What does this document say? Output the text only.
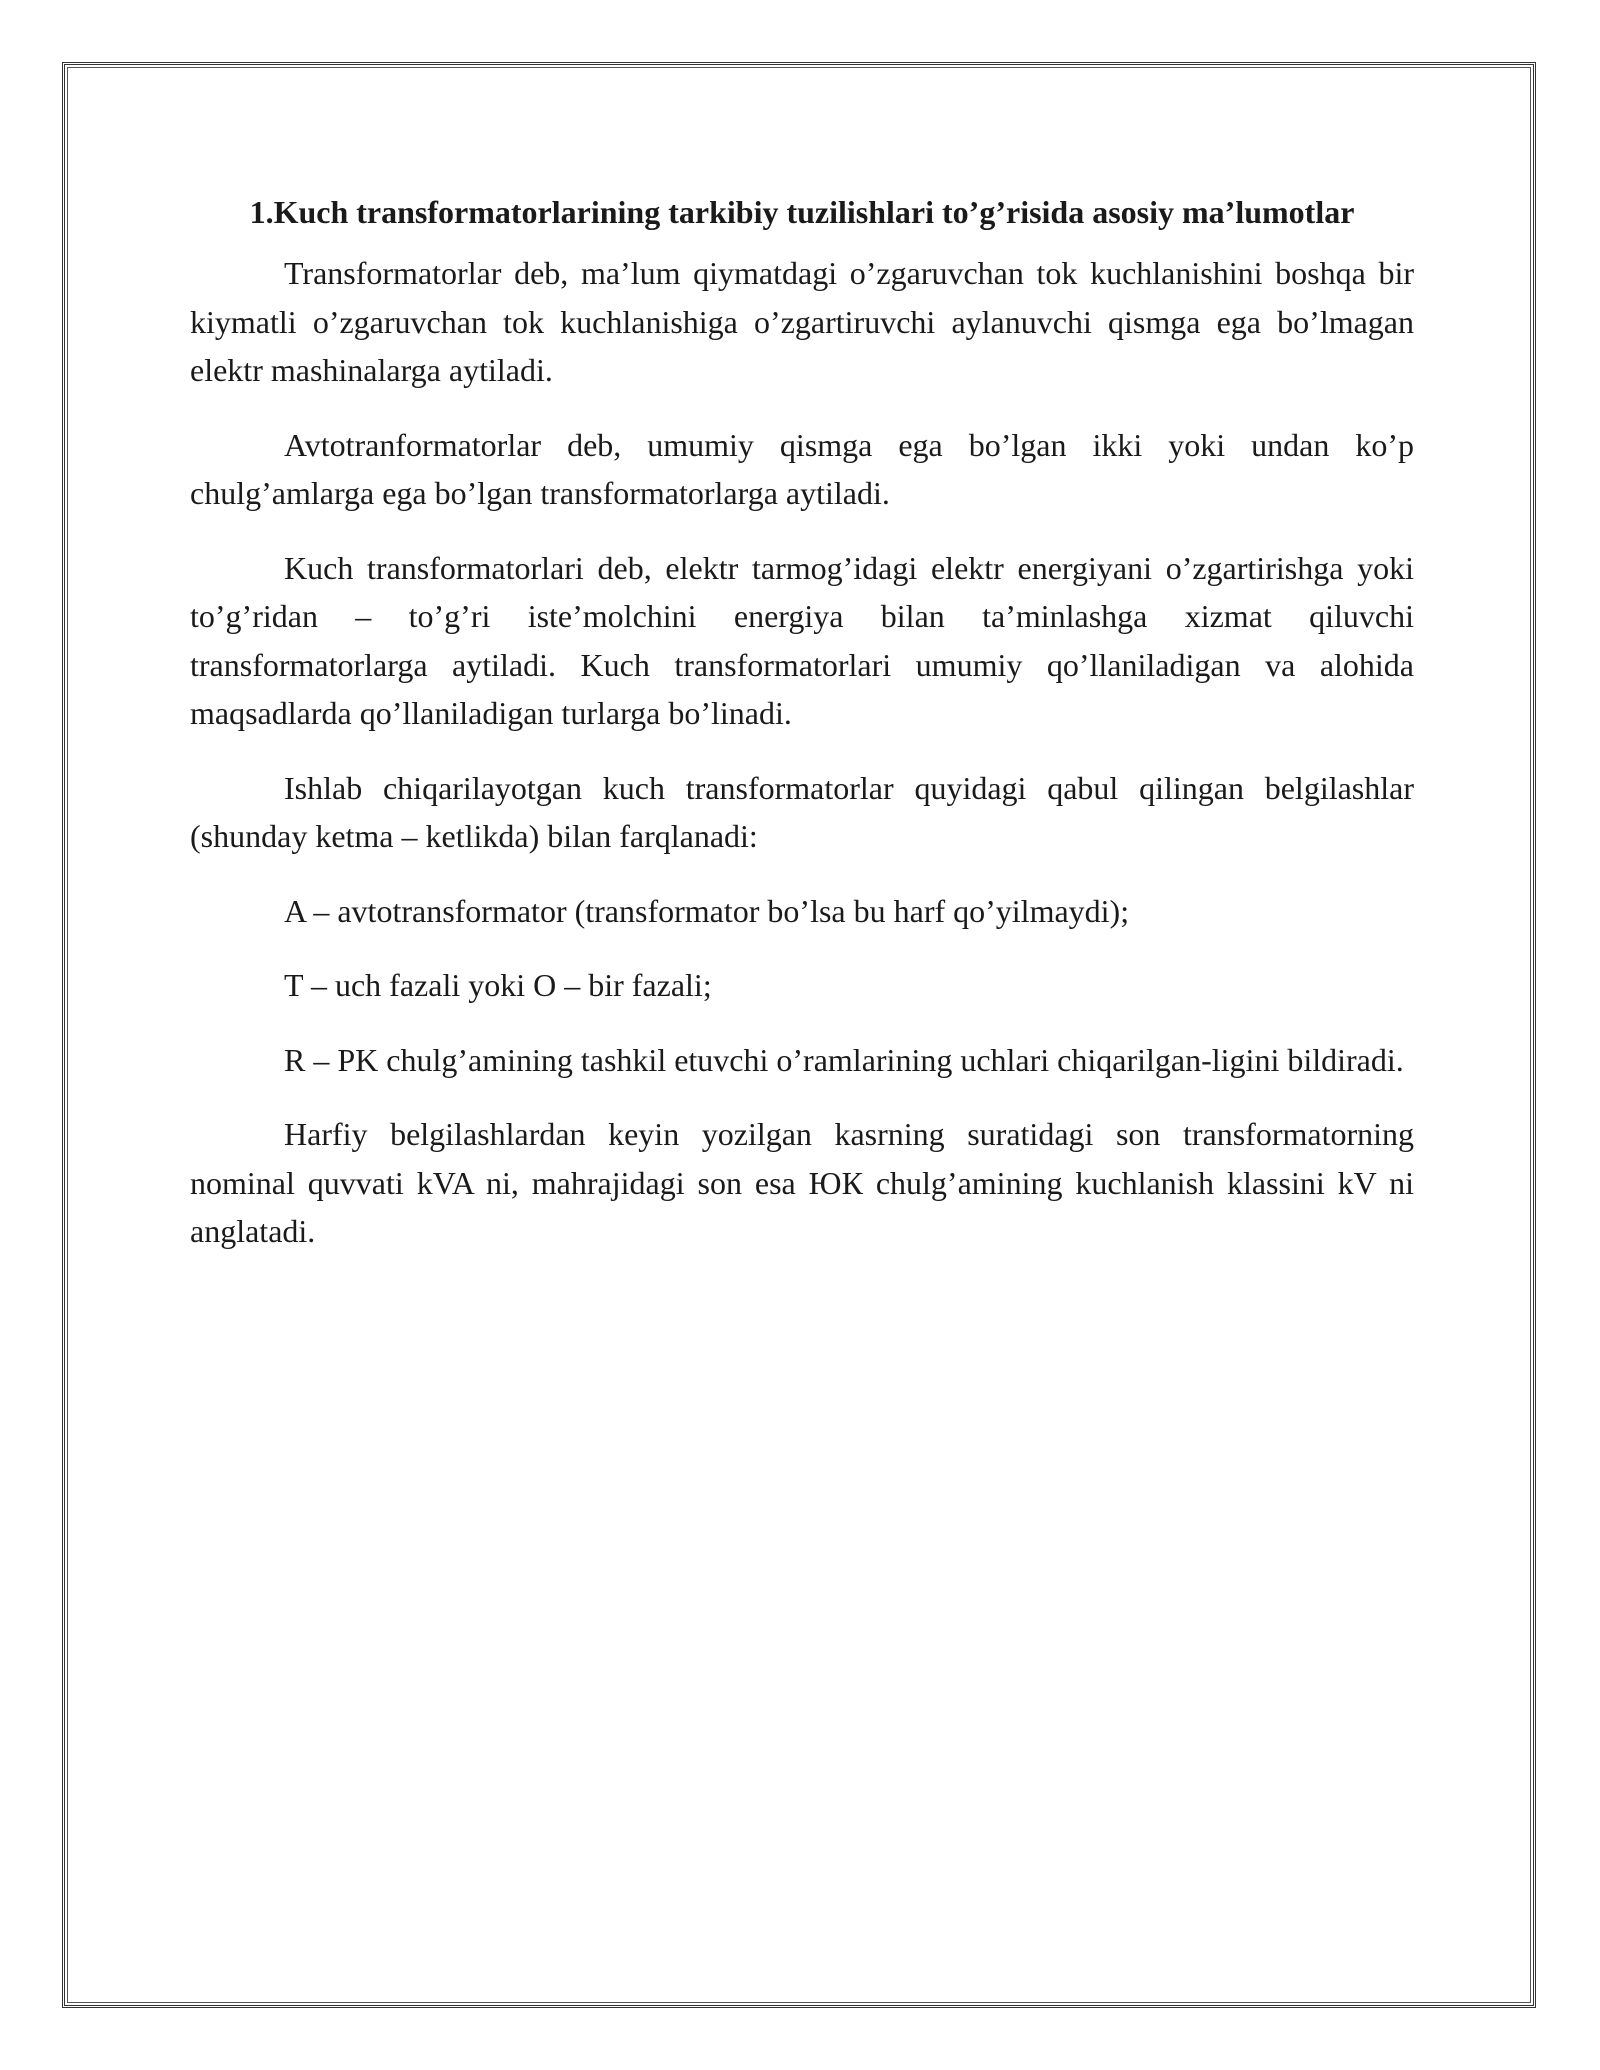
1.Kuch transformatorlarining tarkibiy tuzilishlari to’g’risida asosiy ma’lumotlar

Transformatorlar deb, ma’lum qiymatdagi o’zgaruvchan tok kuchlanishini boshqa bir kiymatli o’zgaruvchan tok kuchlanishiga o’zgartiruvchi aylanuvchi qismga ega bo’lmagan elektr mashinalarga aytiladi.

Avtotranformatorlar deb, umumiy qismga ega bo’lgan ikki yoki undan ko’p chulg’amlarga ega bo’lgan transformatorlarga aytiladi.

Kuch transformatorlari deb, elektr tarmog’idagi elektr energiyani o’zgartirishga yoki to’g’ridan – to’g’ri iste’molchini energiya bilan ta’minlashga xizmat qiluvchi transformatorlarga aytiladi. Kuch transformatorlari umumiy qo’llaniladigan va alohida maqsadlarda qo’llaniladigan turlarga bo’linadi.

Ishlab chiqarilayotgan kuch transformatorlar quyidagi qabul qilingan belgilashlar (shunday ketma – ketlikda) bilan farqlanadi:

A – avtotransformator (transformator bo’lsa bu harf qo’yilmaydi);

T – uch fazali yoki O – bir fazali;

R – PK chulg’amining tashkil etuvchi o’ramlarining uchlari chiqarilgan-ligini bildiradi.

Harfiy belgilashlardan keyin yozilgan kasrning suratidagi son transformatorning nominal quvvati kVA ni, mahrajidagi son esa ЮК chulg’amining kuchlanish klassini kV ni anglatadi.
